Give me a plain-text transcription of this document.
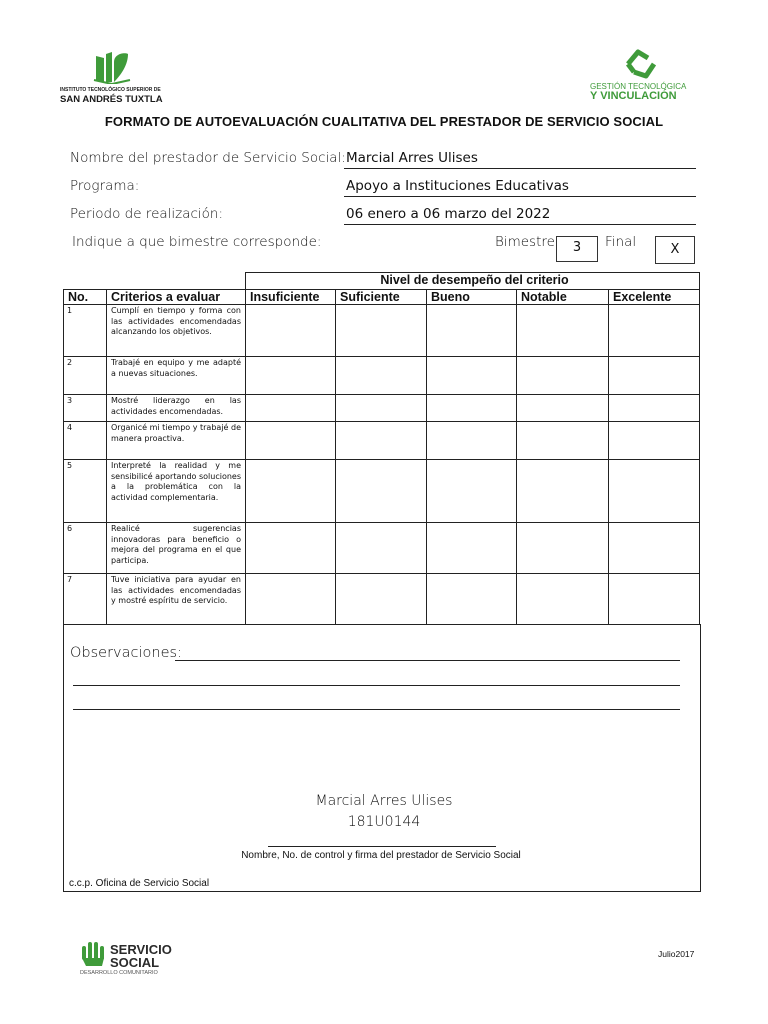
INSTITUTO TECNOLÓGICO SUPERIOR DE
SAN ANDRÉS TUXTLA
GESTIÓN TECNOLÓGICA
Y VINCULACIÓN
FORMATO DE AUTOEVALUACIÓN CUALITATIVA DEL PRESTADOR DE SERVICIO SOCIAL
Nombre del prestador de Servicio Social: Marcial Arres Ulises
Programa:	Apoyo a Instituciones Educativas
Periodo de realización:	06 enero a 06 marzo del 2022
Indique a que bimestre corresponde:	Bimestre	3	Final	X
		Nivel de desempeño del criterio				
No.	Criterios a evaluar	Insuficiente	Suficiente	Bueno	Notable	Excelente
1	Cumplí en tiempo y forma con las actividades encomendadas alcanzando los objetivos.					
2	Trabajé en equipo y me adapté a nuevas situaciones.					
3	Mostré liderazgo en las actividades encomendadas.					
4	Organicé mi tiempo y trabajé de manera proactiva.					
5	Interpreté la realidad y me sensibilicé aportando soluciones a la problemática con la actividad complementaria.					
6	Realicé sugerencias innovadoras para beneficio o mejora del programa en el que participa.					
7	Tuve iniciativa para ayudar en las actividades encomendadas y mostré espíritu de servicio.					
Observaciones:
Marcial Arres Ulises
181U0144
Nombre, No. de control y firma del prestador de Servicio Social
c.c.p. Oficina de Servicio Social
SERVICIO
SOCIAL
DESARROLLO COMUNITARIO
Julio2017
